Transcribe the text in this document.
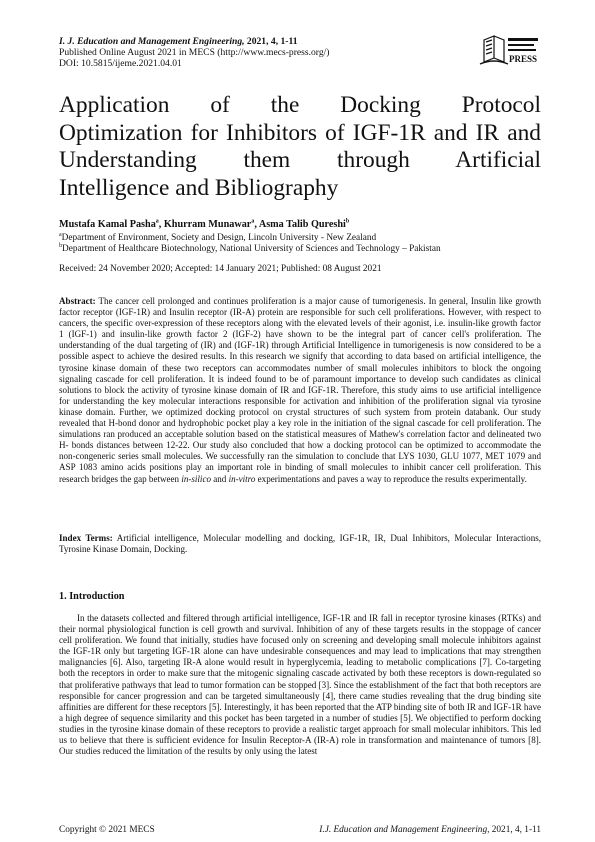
I. J. Education and Management Engineering, 2021, 4, 1-11
Published Online August 2021 in MECS (http://www.mecs-press.org/)
DOI: 10.5815/ijeme.2021.04.01	PRESS
Application of the Docking Protocol
Optimization for Inhibitors of IGF-1R and IR and
Understanding them through Artificial
Intelligence and Bibliography
Mustafa Kamal Pasha$^a$, Khurram Munawar$^a$, Asma Talib Qureshi$^b$
$^a$Department of Environment, Society and Design, Lincoln University - New Zealand
$^b$Department of Healthcare Biotechnology, National University of Sciences and Technology – Pakistan
Received: 24 November 2020; Accepted: 14 January 2021; Published: 08 August 2021

Abstract: The cancer cell prolonged and continues proliferation is a major cause of tumorigenesis. In general, Insulin like growth factor receptor (IGF-1R) and Insulin receptor (IR-A) protein are responsible for such cell proliferations. However, with respect to cancers, the specific over-expression of these receptors along with the elevated levels of their agonist, i.e. insulin-like growth factor 1 (IGF-1) and insulin-like growth factor 2 (IGF-2) have shown to be the integral part of cancer cell's proliferation. The understanding of the dual targeting of (IR) and (IGF-1R) through Artificial Intelligence in tumorigenesis is now considered to be a possible aspect to achieve the desired results. In this research we signify that according to data based on artificial intelligence, the tyrosine kinase domain of these two receptors can accommodates number of small molecules inhibitors to block the ongoing signaling cascade for cell proliferation. It is indeed found to be of paramount importance to develop such candidates as clinical solutions to block the activity of tyrosine kinase domain of IR and IGF-1R. Therefore, this study aims to use artificial intelligence for understanding the key molecular interactions responsible for activation and inhibition of the proliferation signal via tyrosine kinase domain. Further, we optimized docking protocol on crystal structures of such system from protein databank. Our study revealed that H-bond donor and hydrophobic pocket play a key role in the initiation of the signal cascade for cell proliferation. The simulations ran produced an acceptable solution based on the statistical measures of Mathew's correlation factor and delineated two H- bonds distances between 12-22. Our study also concluded that how a docking protocol can be optimized to accommodate the non-congeneric series small molecules. We successfully ran the simulation to conclude that LYS 1030, GLU 1077, MET 1079 and ASP 1083 amino acids positions play an important role in binding of small molecules to inhibit cancer cell proliferation. This research bridges the gap between in-silico and in-vitro experimentations and paves a way to reproduce the results experimentally.

Index Terms: Artificial intelligence, Molecular modelling and docking, IGF-1R, IR, Dual Inhibitors, Molecular Interactions, Tyrosine Kinase Domain, Docking.

1. Introduction

In the datasets collected and filtered through artificial intelligence, IGF-1R and IR fall in receptor tyrosine kinases (RTKs) and their normal physiological function is cell growth and survival. Inhibition of any of these targets results in the stoppage of cancer cell proliferation. We found that initially, studies have focused only on screening and developing small molecule inhibitors against the IGF-1R only but targeting IGF-1R alone can have undesirable consequences and may lead to implications that may strengthen malignancies [6]. Also, targeting IR-A alone would result in hyperglycemia, leading to metabolic complications [7]. Co-targeting both the receptors in order to make sure that the mitogenic signaling cascade activated by both these receptors is down-regulated so that proliferative pathways that lead to tumor formation can be stopped [3]. Since the establishment of the fact that both receptors are responsible for cancer progression and can be targeted simultaneously [4], there came studies revealing that the drug binding site affinities are different for these receptors [5]. Interestingly, it has been reported that the ATP binding site of both IR and IGF-1R have a high degree of sequence similarity and this pocket has been targeted in a number of studies [5]. We objectified to perform docking studies in the tyrosine kinase domain of these receptors to provide a realistic target approach for small molecular inhibitors. This led us to believe that there is sufficient evidence for Insulin Receptor-A (IR-A) role in transformation and maintenance of tumors [8]. Our studies reduced the limitation of the results by only using the latest

Copyright © 2021 MECS	I.J. Education and Management Engineering, 2021, 4, 1-11
